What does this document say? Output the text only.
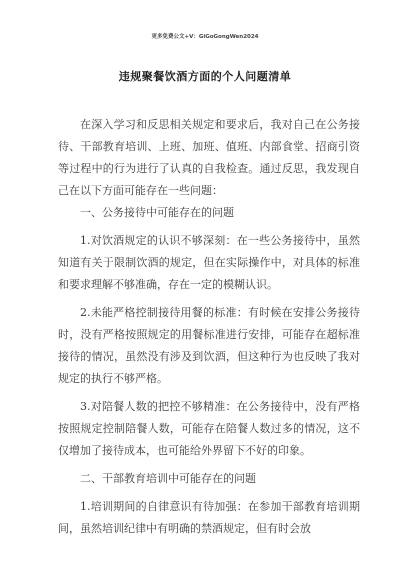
更多免费公文+V：GiGoGongWen2024
违规聚餐饮酒方面的个人问题清单

在深入学习和反思相关规定和要求后，我对自己在公务接待、干部教育培训、上班、加班、值班、内部食堂、招商引资等过程中的行为进行了认真的自我检查。通过反思，我发现自己在以下方面可能存在一些问题：

一、公务接待中可能存在的问题

1.对饮酒规定的认识不够深刻：在一些公务接待中，虽然知道有关于限制饮酒的规定，但在实际操作中，对具体的标准和要求理解不够准确，存在一定的模糊认识。

2.未能严格控制接待用餐的标准：有时候在安排公务接待时，没有严格按照规定的用餐标准进行安排，可能存在超标准接待的情况，虽然没有涉及到饮酒，但这种行为也反映了我对规定的执行不够严格。

3.对陪餐人数的把控不够精准：在公务接待中，没有严格按照规定控制陪餐人数，可能存在陪餐人数过多的情况，这不仅增加了接待成本，也可能给外界留下不好的印象。

二、干部教育培训中可能存在的问题

1.培训期间的自律意识有待加强：在参加干部教育培训期间，虽然培训纪律中有明确的禁酒规定，但有时会放
